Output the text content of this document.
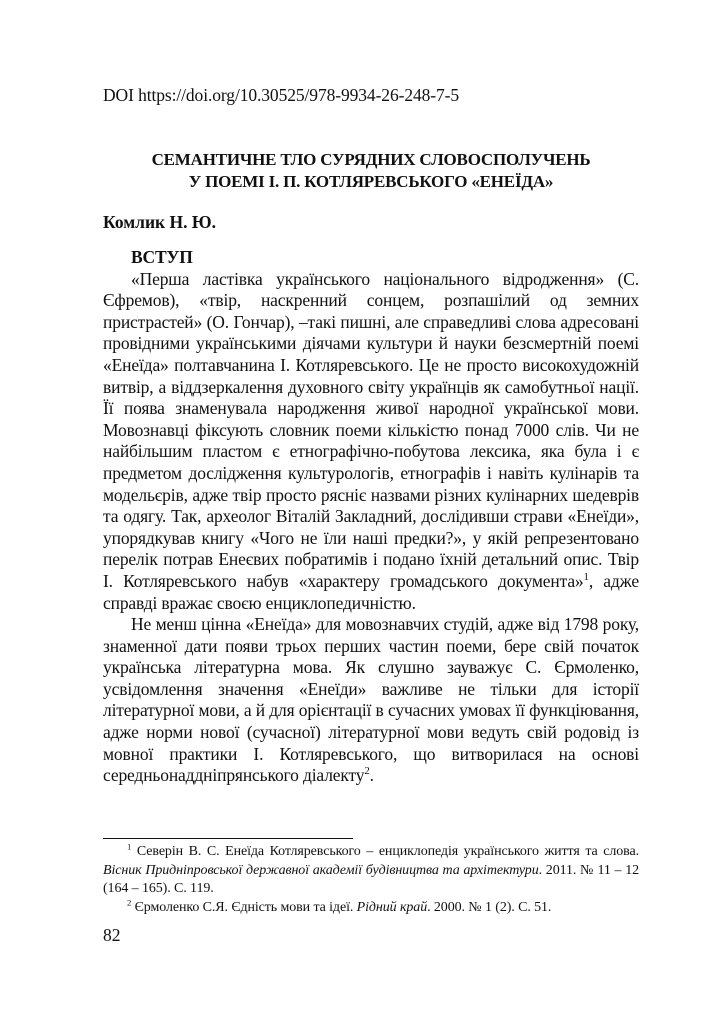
DOI https://doi.org/10.30525/978-9934-26-248-7-5
СЕМАНТИЧНЕ ТЛО СУРЯДНИХ СЛОВОСПОЛУЧЕНЬ
У ПОЕМІ І. П. КОТЛЯРЕВСЬКОГО «ЕНЕЇДА»
Комлик Н. Ю.

ВСТУП

«Перша ластівка українського національного відродження» (С. Єфремов), «твір, наскренний сонцем, розпашілий од земних пристрастей» (О. Гончар), –такі пишні, але справедливі слова адресовані провідними українськими діячами культури й науки безсмертній поемі «Енеїда» полтавчанина І. Котляревського. Це не просто високохудожній витвір, а віддзеркалення духовного світу українців як самобутньої нації. Її поява знаменувала народження живої народної української мови. Мовознавці фіксують словник поеми кількістю понад 7000 слів. Чи не найбільшим пластом є етнографічно-побутова лексика, яка була і є предметом дослідження культурологів, етнографів і навіть кулінарів та модельєрів, адже твір просто рясніє назвами різних кулінарних шедеврів та одягу. Так, археолог Віталій Закладний, дослідивши страви «Енеїди», упорядкував книгу «Чого не їли наші предки?», у якій репрезентовано перелік потрав Енеєвих побратимів і подано їхній детальний опис. Твір І. Котляревського набув «характеру громадського документа»$^1$, адже справді вражає своєю енциклопедичністю.

Не менш цінна «Енеїда» для мовознавчих студій, адже від 1798 року, знаменної дати появи трьох перших частин поеми, бере свій початок українська літературна мова. Як слушно зауважує С. Єрмоленко, усвідомлення значення «Енеїди» важливе не тільки для історії літературної мови, а й для орієнтації в сучасних умовах її функціювання, адже норми нової (сучасної) літературної мови ведуть свій родовід із мовної практики І. Котляревського, що витворилася на основі середньонаддніпрянського діалекту$^2$.

$^1$ Северін В. С. Енеїда Котляревського – енциклопедія українського життя та слова. Вісник Придніпровської державної академії будівництва та архітектури. 2011. № 11 – 12 (164 – 165). С. 119.

$^2$ Єрмоленко С.Я. Єдність мови та ідеї. Рідний край. 2000. № 1 (2). С. 51.

82
